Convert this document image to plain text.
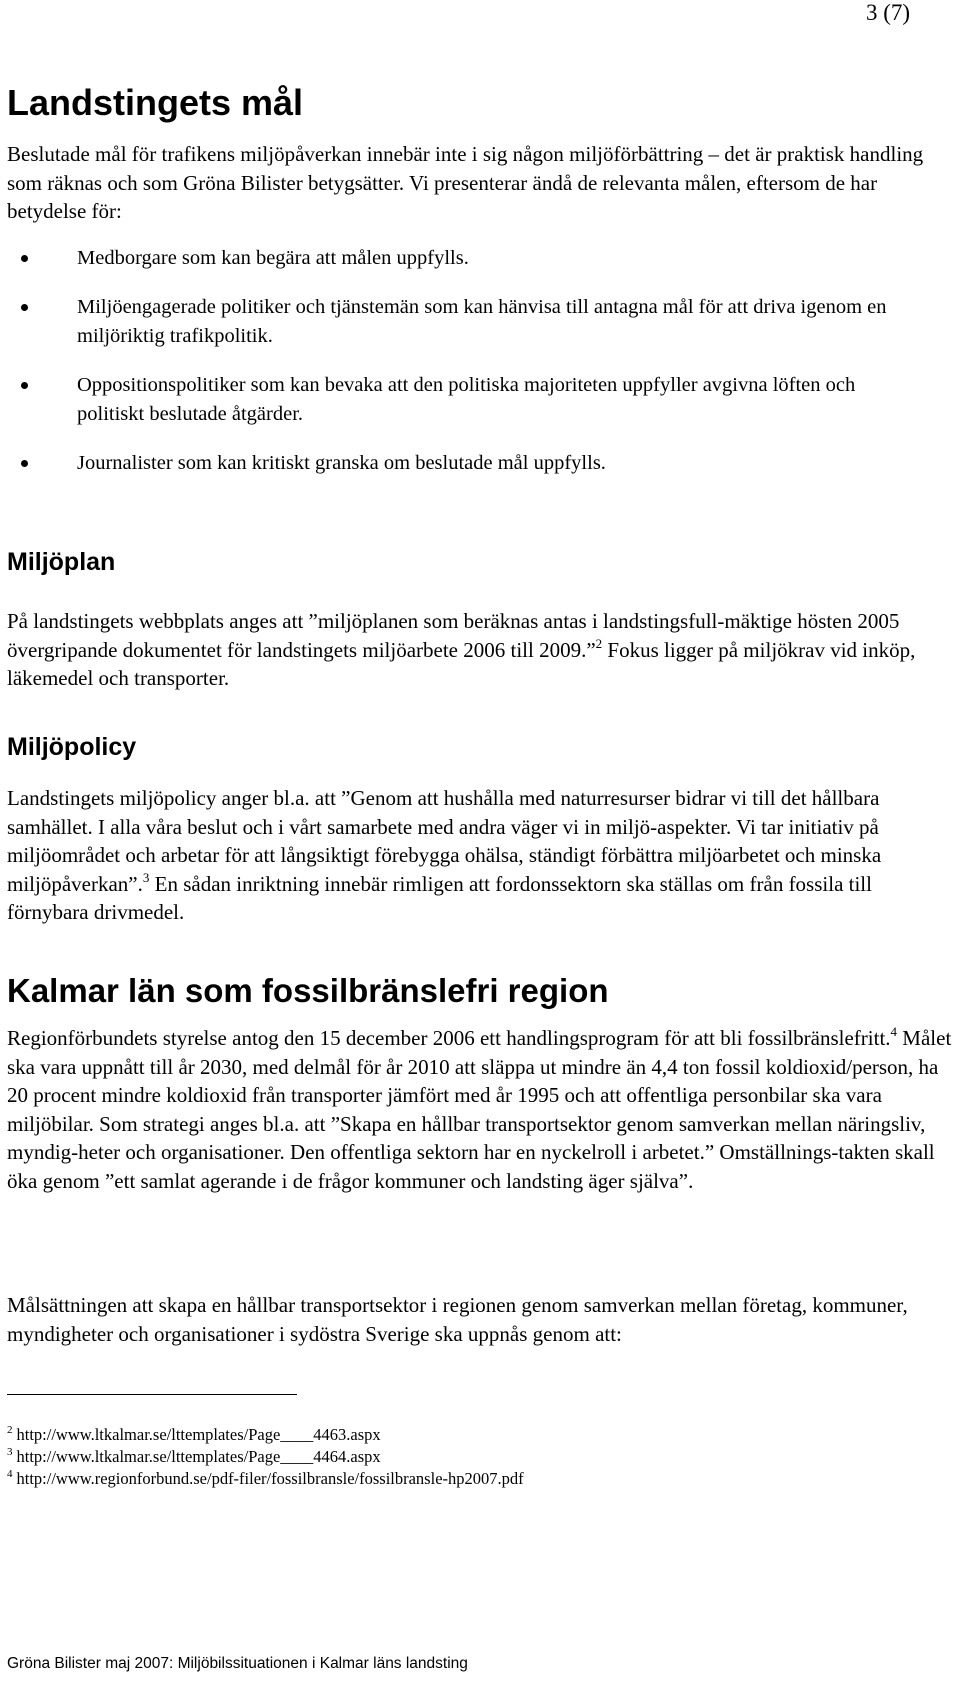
3 (7)
Landstingets mål

Beslutade mål för trafikens miljöpåverkan innebär inte i sig någon miljöförbättring – det är praktisk handling som räknas och som Gröna Bilister betygsätter. Vi presenterar ändå de relevanta målen, eftersom de har betydelse för:

Medborgare som kan begära att målen uppfylls.
Miljöengagerade politiker och tjänstemän som kan hänvisa till antagna mål för att driva igenom en miljöriktig trafikpolitik.
Oppositionspolitiker som kan bevaka att den politiska majoriteten uppfyller avgivna löften och politiskt beslutade åtgärder.
Journalister som kan kritiskt granska om beslutade mål uppfylls.
Miljöplan

På landstingets webbplats anges att ”miljöplanen som beräknas antas i landstingsfull-mäktige hösten 2005 övergripande dokumentet för landstingets miljöarbete 2006 till 2009.”$^2$ Fokus ligger på miljökrav vid inköp, läkemedel och transporter.

Miljöpolicy

Landstingets miljöpolicy anger bl.a. att ”Genom att hushålla med naturresurser bidrar vi till det hållbara samhället. I alla våra beslut och i vårt samarbete med andra väger vi in miljö-aspekter. Vi tar initiativ på miljöområdet och arbetar för att långsiktigt förebygga ohälsa, ständigt förbättra miljöarbetet och minska miljöpåverkan”.$^3$ En sådan inriktning innebär rimligen att fordonssektorn ska ställas om från fossila till förnybara drivmedel.

Kalmar län som fossilbränslefri region

Regionförbundets styrelse antog den 15 december 2006 ett handlingsprogram för att bli fossilbränslefritt.$^4$ Målet ska vara uppnått till år 2030, med delmål för år 2010 att släppa ut mindre än 4,4 ton fossil koldioxid/person, ha 20 procent mindre koldioxid från transporter jämfört med år 1995 och att offentliga personbilar ska vara miljöbilar. Som strategi anges bl.a. att ”Skapa en hållbar transportsektor genom samverkan mellan näringsliv, myndig-heter och organisationer. Den offentliga sektorn har en nyckelroll i arbetet.” Omställnings-takten skall öka genom ”ett samlat agerande i de frågor kommuner och landsting äger själva”.

Målsättningen att skapa en hållbar transportsektor i regionen genom samverkan mellan företag, kommuner, myndigheter och organisationer i sydöstra Sverige ska uppnås genom att:

$^2$ http://www.ltkalmar.se/lttemplates/Page____4463.aspx
$^3$ http://www.ltkalmar.se/lttemplates/Page____4464.aspx
$^4$ http://www.regionforbund.se/pdf-filer/fossilbransle/fossilbransle-hp2007.pdf
Gröna Bilister maj 2007: Miljöbilssituationen i Kalmar läns landsting
